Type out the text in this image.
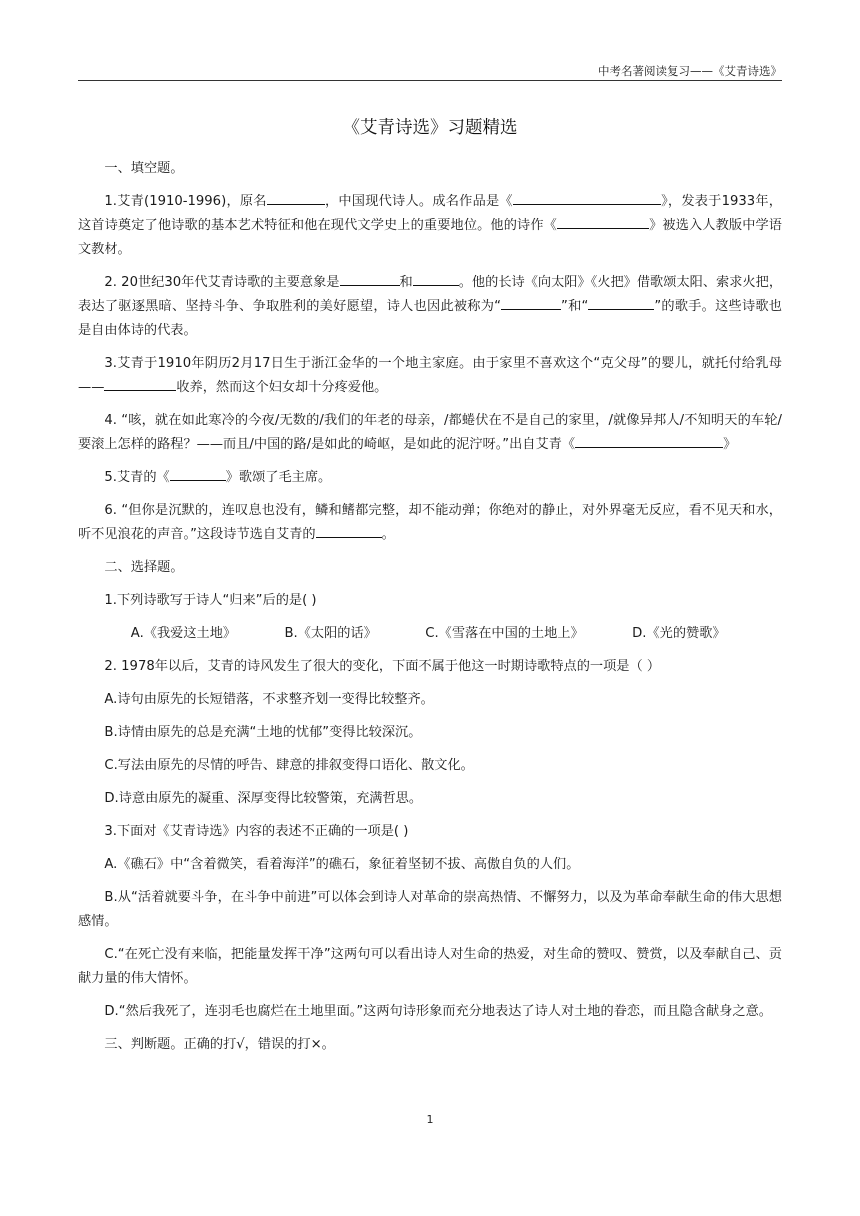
中考名著阅读复习——《艾青诗选》
《艾青诗选》习题精选

一、填空题。

1.艾青(1910-1996)，原名	，中国现代诗人。成名作品是《	》，发表于1933年，这首诗奠定了他诗歌的基本艺术特征和他在现代文学史上的重要地位。他的诗作《	》被选入人教版中学语文教材。

2. 20世纪30年代艾青诗歌的主要意象是	和	。他的长诗《向太阳》《火把》借歌颂太阳、索求火把，表达了驱逐黑暗、坚持斗争、争取胜利的美好愿望，诗人也因此被称为“	”和“	”的歌手。这些诗歌也是自由体诗的代表。

3.艾青于1910年阴历2月17日生于浙江金华的一个地主家庭。由于家里不喜欢这个“克父母”的婴儿，就托付给乳母——	收养，然而这个妇女却十分疼爱他。

4. “咳，就在如此寒冷的今夜/无数的/我们的年老的母亲，/都蜷伏在不是自己的家里，/就像异邦人/不知明天的车轮/要滚上怎样的路程？——而且/中国的路/是如此的崎岖，是如此的泥泞呀。”出自艾青《	》

5.艾青的《	》歌颂了毛主席。

6. “但你是沉默的，连叹息也没有，鳞和鳍都完整，却不能动弹；你绝对的静止，对外界毫无反应，看不见天和水，听不见浪花的声音。”这段诗节选自艾青的	。

二、选择题。

1.下列诗歌写于诗人“归来”后的是( )

A.《我爱这土地》	B.《太阳的话》	C.《雪落在中国的土地上》	D.《光的赞歌》

2. 1978年以后，艾青的诗风发生了很大的变化，下面不属于他这一时期诗歌特点的一项是（ ）

A.诗句由原先的长短错落，不求整齐划一变得比较整齐。

B.诗情由原先的总是充满“土地的忧郁”变得比较深沉。

C.写法由原先的尽情的呼告、肆意的排叙变得口语化、散文化。

D.诗意由原先的凝重、深厚变得比较警策，充满哲思。

3.下面对《艾青诗选》内容的表述不正确的一项是( )

A.《礁石》中“含着微笑，看着海洋”的礁石，象征着坚韧不拔、高傲自负的人们。

B.从“活着就要斗争，在斗争中前进”可以体会到诗人对革命的崇高热情、不懈努力，以及为革命奉献生命的伟大思想感情。

C.“在死亡没有来临，把能量发挥干净”这两句可以看出诗人对生命的热爱，对生命的赞叹、赞赏，以及奉献自己、贡献力量的伟大情怀。

D.“然后我死了，连羽毛也腐烂在土地里面。”这两句诗形象而充分地表达了诗人对土地的眷恋，而且隐含献身之意。

三、判断题。正确的打√，错误的打×。

1
